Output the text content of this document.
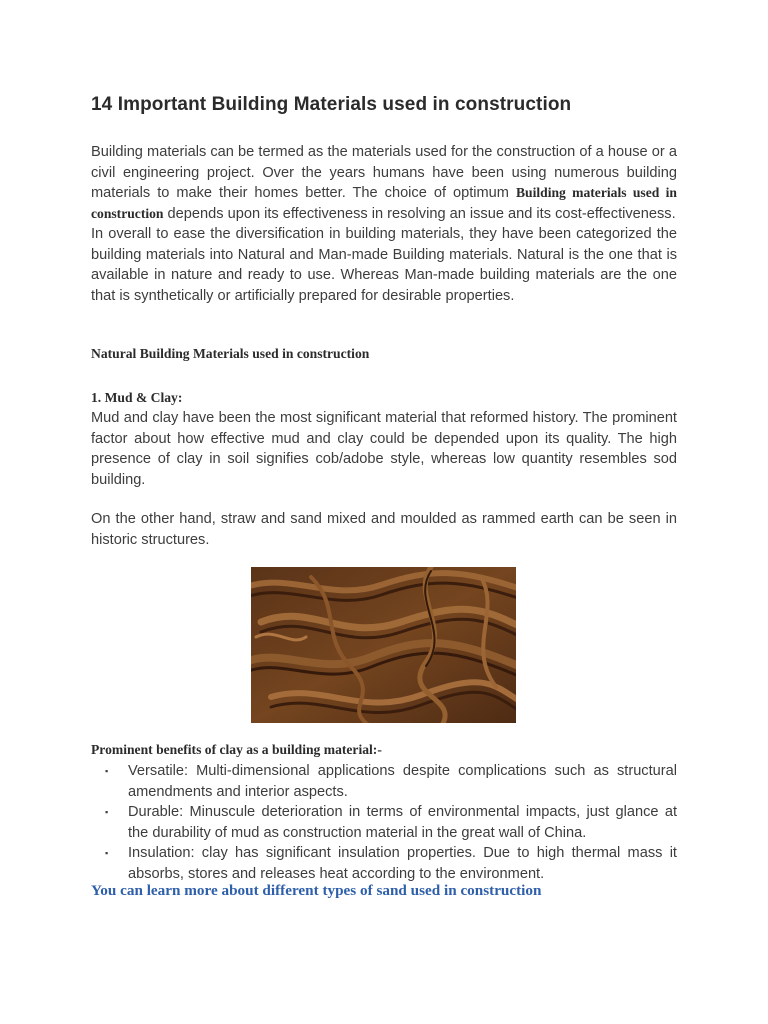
14 Important Building Materials used in construction

Building materials can be termed as the materials used for the construction of a house or a civil engineering project. Over the years humans have been using numerous building materials to make their homes better. The choice of optimum Building materials used in construction depends upon its effectiveness in resolving an issue and its cost-effectiveness.
In overall to ease the diversification in building materials, they have been categorized the building materials into Natural and Man-made Building materials. Natural is the one that is available in nature and ready to use. Whereas Man-made building materials are the one that is synthetically or artificially prepared for desirable properties.

Natural Building Materials used in construction

1. Mud & Clay:

Mud and clay have been the most significant material that reformed history. The prominent factor about how effective mud and clay could be depended upon its quality. The high presence of clay in soil signifies cob/adobe style, whereas low quantity resembles sod building.

On the other hand, straw and sand mixed and moulded as rammed earth can be seen in historic structures.

Prominent benefits of clay as a building material:-

▪ Versatile: Multi-dimensional applications despite complications such as structural amendments and interior aspects.
▪ Durable: Minuscule deterioration in terms of environmental impacts, just glance at the durability of mud as construction material in the great wall of China.
▪ Insulation: clay has significant insulation properties. Due to high thermal mass it absorbs, stores and releases heat according to the environment.
You can learn more about different types of sand used in construction
